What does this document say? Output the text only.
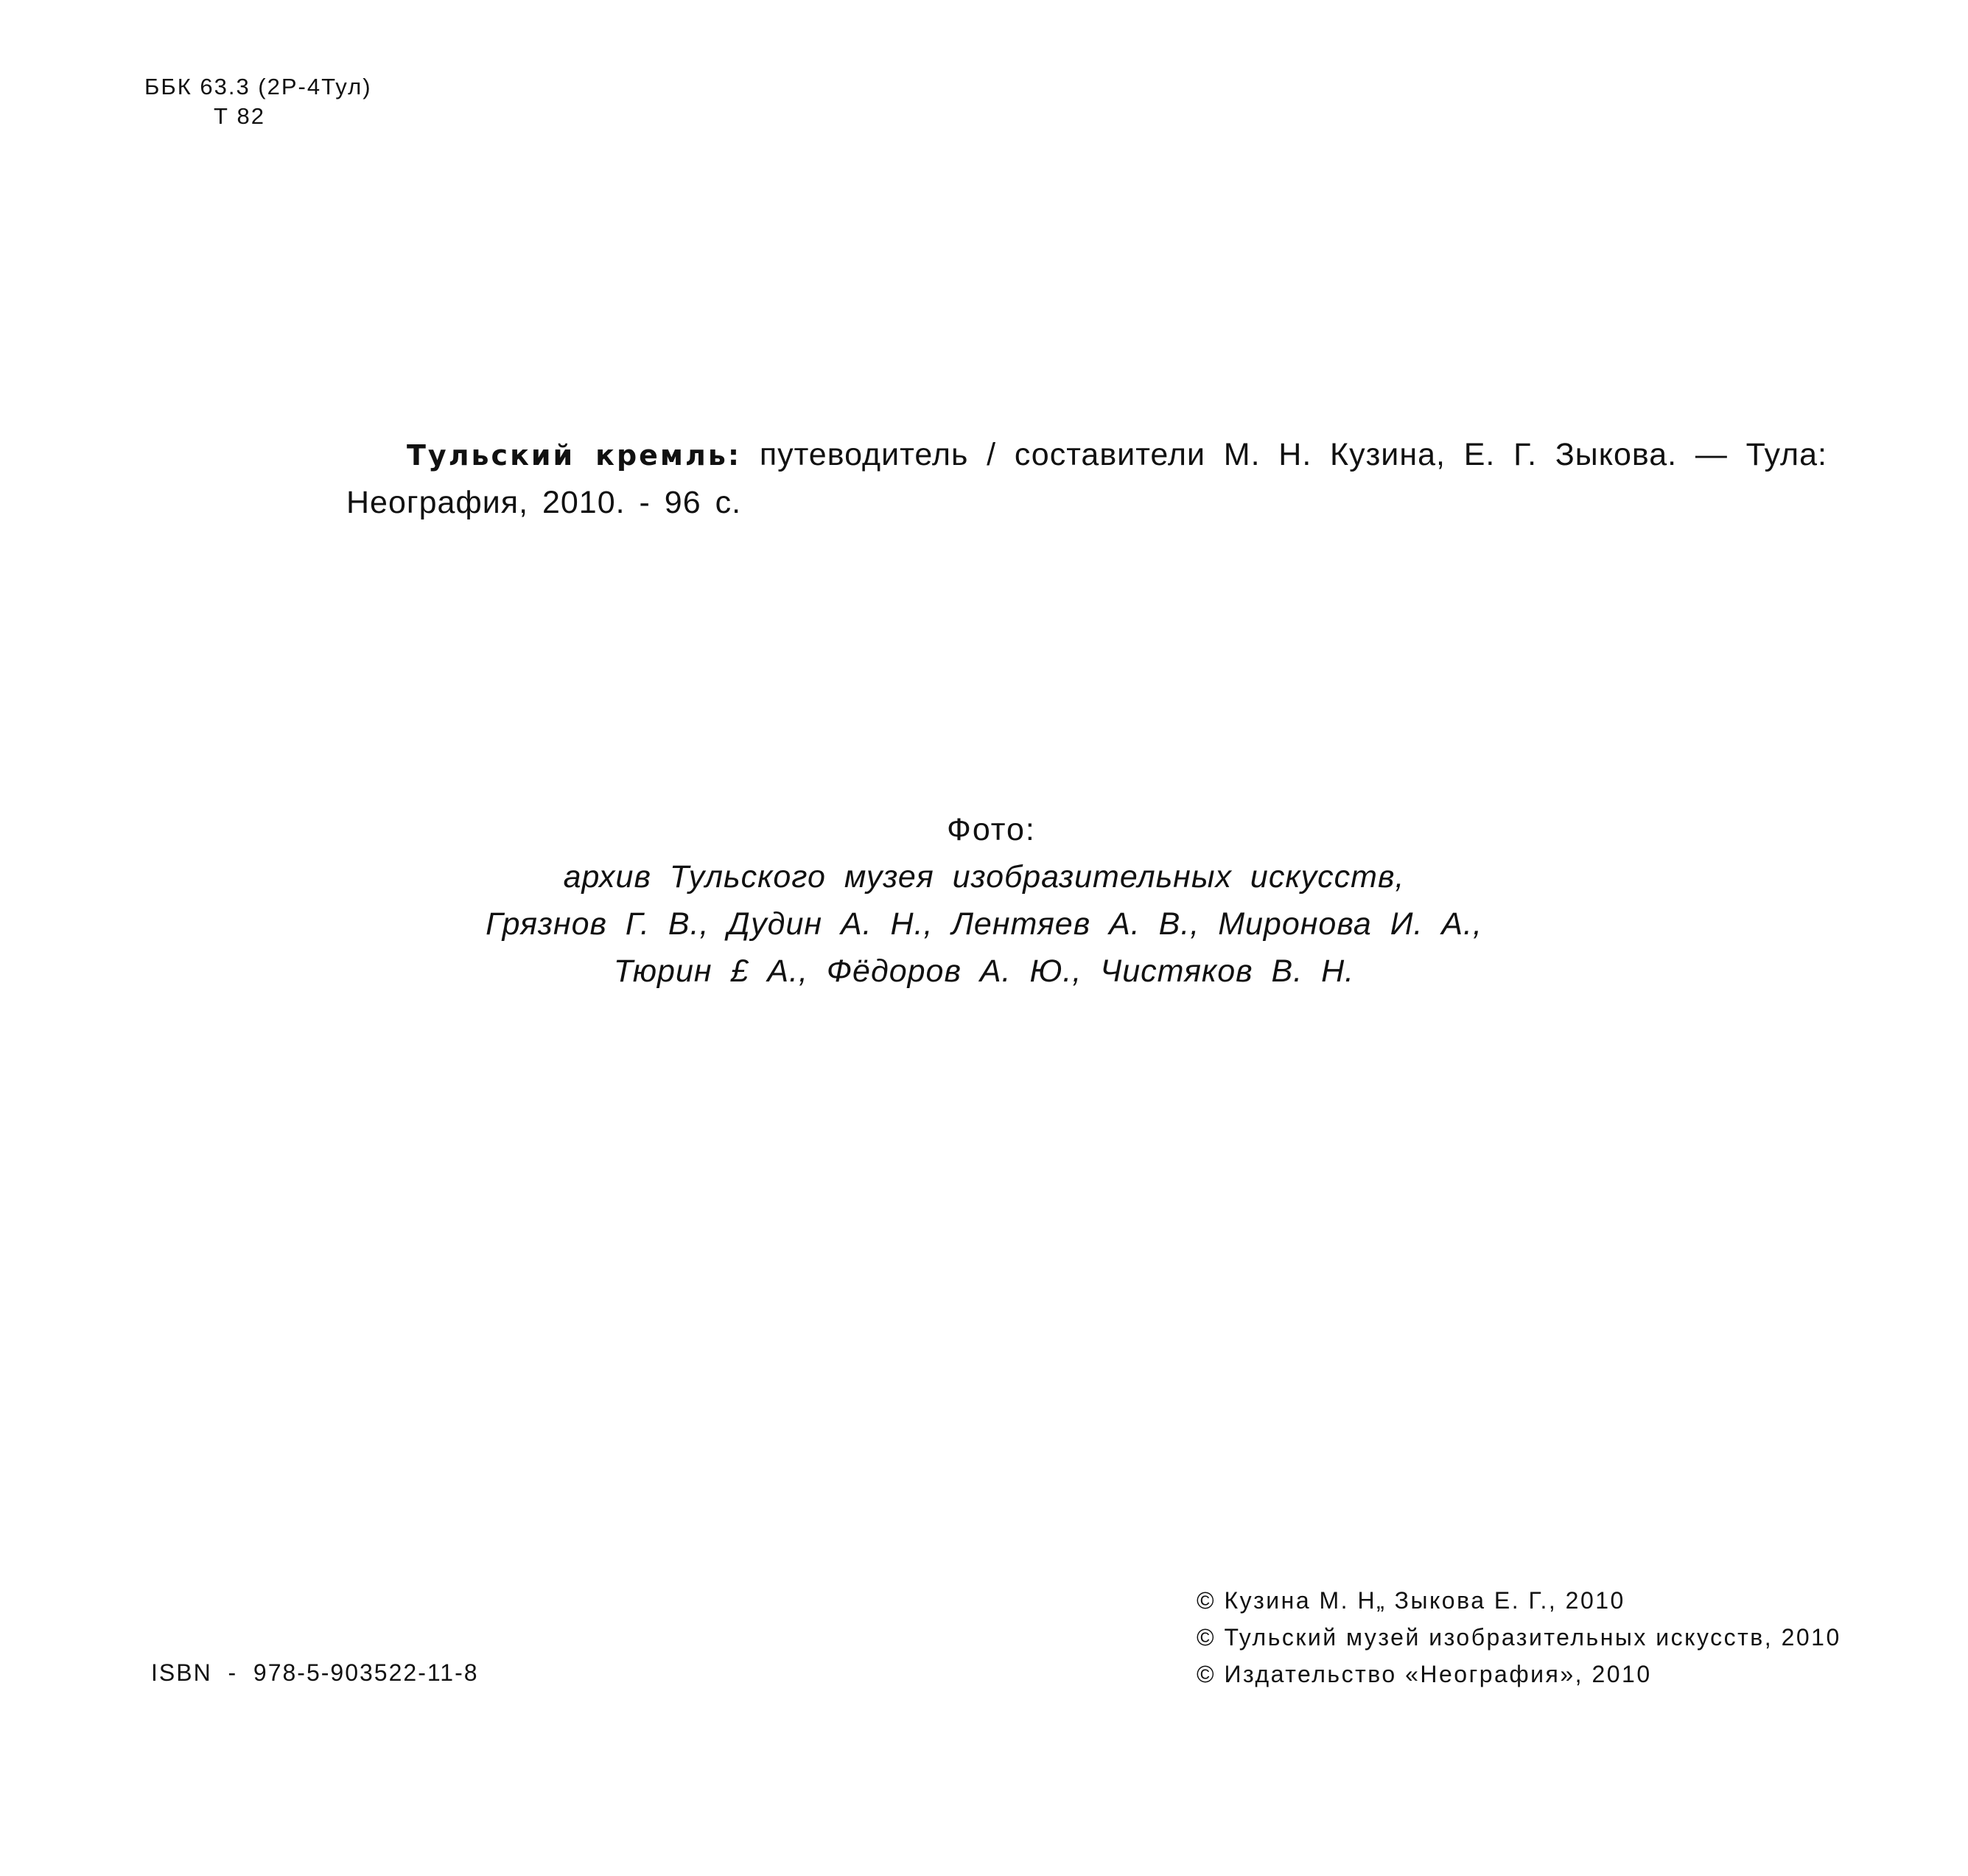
ББК 63.3 (2Р-4Тул)
Т 82
Тульский кремль: путеводитель / составители М. Н. Кузина, Е. Г. Зыкова. — Тула: Неография, 2010. - 96 с.
Фото:
архив Тульского музея изобразительных искусств,
Грязнов Г. В., Дудин А. Н., Лентяев А. В., Миронова И. А.,
Тюрин £ А., Фёдоров А. Ю., Чистяков В. Н.
ISBN  -  978-5-903522-11-8
© Кузина М. Н„ Зыкова Е. Г., 2010
© Тульский музей изобразительных искусств, 2010
© Издательство «Неография», 2010
